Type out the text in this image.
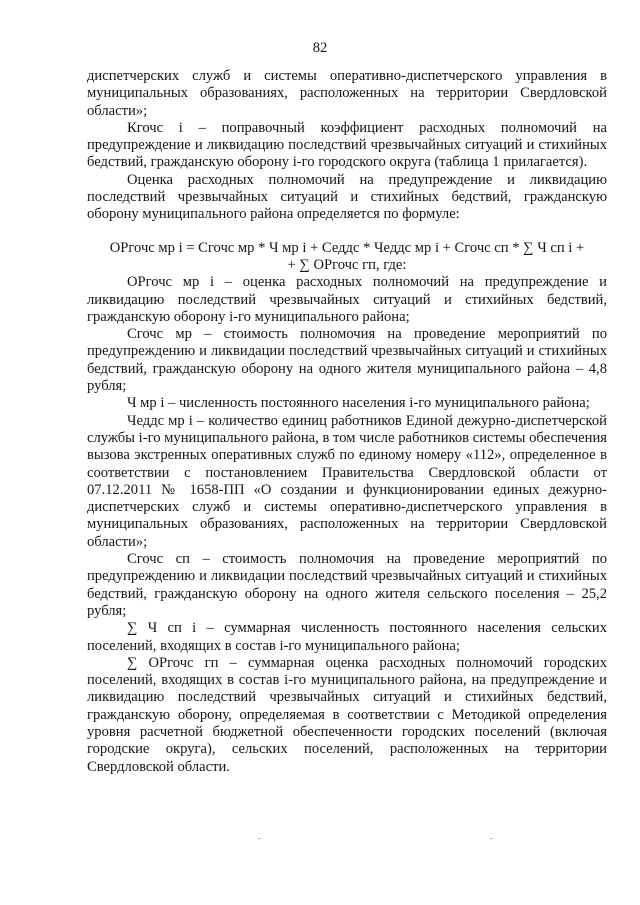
82

диспетчерских служб и системы оперативно-диспетчерского управления в муниципальных образованиях, расположенных на территории Свердловской области»;

Кгочс i – поправочный коэффициент расходных полномочий на предупреждение и ликвидацию последствий чрезвычайных ситуаций и стихийных бедствий, гражданскую оборону i-го городского округа (таблица 1 прилагается).

Оценка расходных полномочий на предупреждение и ликвидацию последствий чрезвычайных ситуаций и стихийных бедствий, гражданскую оборону муниципального района определяется по формуле:

ОРгочс мр i = Сгочс мр * Ч мр i + Седдс * Чеддс мр i + Сгочс сп * ∑ Ч сп i +
+ ∑ ОРгочс гп, где:

ОРгочс мр i – оценка расходных полномочий на предупреждение и ликвидацию последствий чрезвычайных ситуаций и стихийных бедствий, гражданскую оборону i-го муниципального района;

Сгочс мр – стоимость полномочия на проведение мероприятий по предупреждению и ликвидации последствий чрезвычайных ситуаций и стихийных бедствий, гражданскую оборону на одного жителя муниципального района – 4,8 рубля;

Ч мр i – численность постоянного населения i-го муниципального района;

Чеддс мр i – количество единиц работников Единой дежурно-диспетчерской службы i-го муниципального района, в том числе работников системы обеспечения вызова экстренных оперативных служб по единому номеру «112», определенное в соответствии с постановлением Правительства Свердловской области от 07.12.2011 № 1658-ПП «О создании и функционировании единых дежурно-диспетчерских служб и системы оперативно-диспетчерского управления в муниципальных образованиях, расположенных на территории Свердловской области»;

Сгочс сп – стоимость полномочия на проведение мероприятий по предупреждению и ликвидации последствий чрезвычайных ситуаций и стихийных бедствий, гражданскую оборону на одного жителя сельского поселения – 25,2 рубля;

∑ Ч сп i – суммарная численность постоянного населения сельских поселений, входящих в состав i-го муниципального района;

∑ ОРгочс гп – суммарная оценка расходных полномочий городских поселений, входящих в состав i-го муниципального района, на предупреждение и ликвидацию последствий чрезвычайных ситуаций и стихийных бедствий, гражданскую оборону, определяемая в соответствии с Методикой определения уровня расчетной бюджетной обеспеченности городских поселений (включая городские округа), сельских поселений, расположенных на территории Свердловской области.
